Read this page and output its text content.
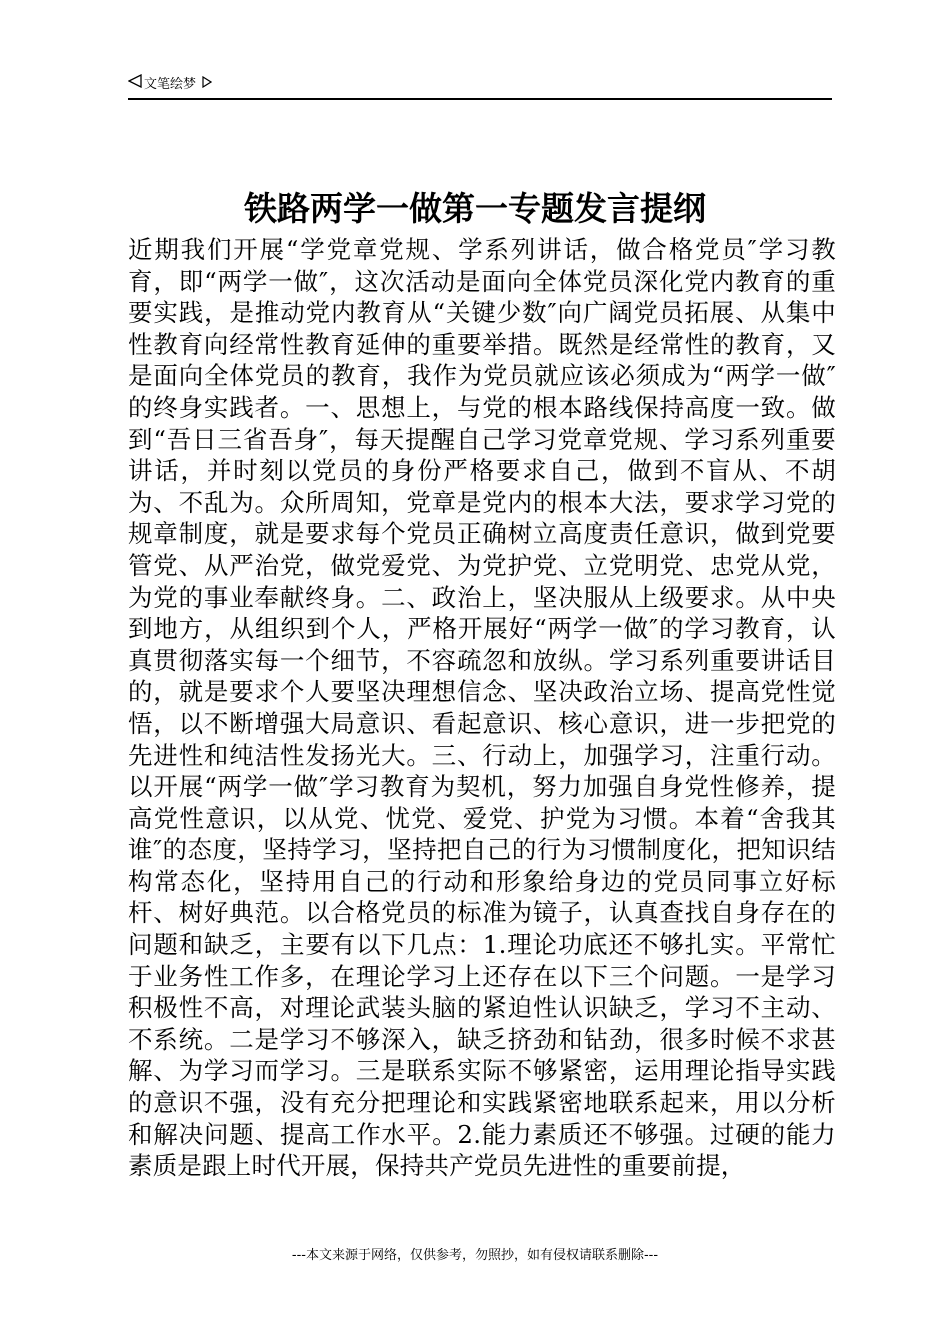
文笔绘梦
铁路两学一做第一专题发言提纲

近期我们开展“学党章党规、学系列讲话，做合格党员″学习教育，即“两学一做″，这次活动是面向全体党员深化党内教育的重要实践，是推动党内教育从“关键少数″向广阔党员拓展、从集中性教育向经常性教育延伸的重要举措。既然是经常性的教育，又是面向全体党员的教育，我作为党员就应该必须成为“两学一做″的终身实践者。一、思想上，与党的根本路线保持高度一致。做到“吾日三省吾身″，每天提醒自己学习党章党规、学习系列重要讲话，并时刻以党员的身份严格要求自己，做到不盲从、不胡为、不乱为。众所周知，党章是党内的根本大法，要求学习党的规章制度，就是要求每个党员正确树立高度责任意识，做到党要管党、从严治党，做党爱党、为党护党、立党明党、忠党从党，为党的事业奉献终身。二、政治上，坚决服从上级要求。从中央到地方，从组织到个人，严格开展好“两学一做″的学习教育，认真贯彻落实每一个细节，不容疏忽和放纵。学习系列重要讲话目的，就是要求个人要坚决理想信念、坚决政治立场、提高党性觉悟，以不断增强大局意识、看起意识、核心意识，进一步把党的先进性和纯洁性发扬光大。三、行动上，加强学习，注重行动。以开展“两学一做″学习教育为契机，努力加强自身党性修养，提高党性意识，以从党、忧党、爱党、护党为习惯。本着“舍我其谁″的态度，坚持学习，坚持把自己的行为习惯制度化，把知识结构常态化，坚持用自己的行动和形象给身边的党员同事立好标杆、树好典范。以合格党员的标准为镜子，认真查找自身存在的问题和缺乏，主要有以下几点：1.理论功底还不够扎实。平常忙于业务性工作多，在理论学习上还存在以下三个问题。一是学习积极性不高，对理论武装头脑的紧迫性认识缺乏，学习不主动、不系统。二是学习不够深入，缺乏挤劲和钻劲，很多时候不求甚解、为学习而学习。三是联系实际不够紧密，运用理论指导实践的意识不强，没有充分把理论和实践紧密地联系起来，用以分析和解决问题、提高工作水平。2.能力素质还不够强。过硬的能力素质是跟上时代开展，保持共产党员先进性的重要前提，

---本文来源于网络，仅供参考，勿照抄，如有侵权请联系删除---
